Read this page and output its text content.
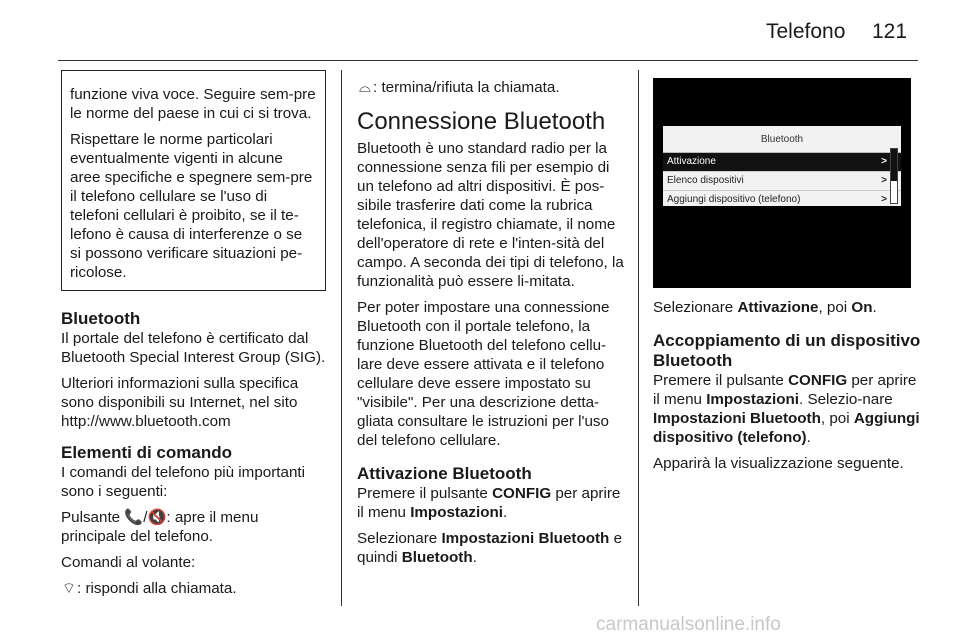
Telefono 121

funzione viva voce. Seguire sem-pre le norme del paese in cui ci si trova.

Rispettare le norme particolari eventualmente vigenti in alcune aree specifiche e spegnere sem-pre il telefono cellulare se l'uso di telefoni cellulari è proibito, se il te-lefono è causa di interferenze o se si possono verificare situazioni pe-ricolose.

Bluetooth

Il portale del telefono è certificato dal Bluetooth Special Interest Group (SIG).

Ulteriori informazioni sulla specifica sono disponibili su Internet, nel sito http://www.bluetooth.com

Elementi di comando

I comandi del telefono più importanti sono i seguenti:

Pulsante 📞/🔇: apre il menu principale del telefono.

Comandi al volante:

⌔: rispondi alla chiamata.

⌓ : termina/rifiuta la chiamata.

Connessione Bluetooth

Bluetooth è uno standard radio per la connessione senza fili per esempio di un telefono ad altri dispositivi. È pos-sibile trasferire dati come la rubrica telefonica, il registro chiamate, il nome dell'operatore di rete e l'inten-sità del campo. A seconda dei tipi di telefono, la funzionalità può essere li-mitata.

Per poter impostare una connessione Bluetooth con il portale telefono, la funzione Bluetooth del telefono cellu-lare deve essere attivata e il telefono cellulare deve essere impostato su "visibile". Per una descrizione detta-gliata consultare le istruzioni per l'uso del telefono cellulare.

Attivazione Bluetooth

Premere il pulsante CONFIG per aprire il menu Impostazioni.

Selezionare Impostazioni Bluetooth e quindi Bluetooth.

Bluetooth
Attivazione	>
Elenco dispositivi	>
Aggiungi dispositivo (telefono)	>

Selezionare Attivazione, poi On.

Accoppiamento di un dispositivo Bluetooth

Premere il pulsante CONFIG per aprire il menu Impostazioni. Selezio-nare Impostazioni Bluetooth, poi Aggiungi dispositivo (telefono).

Apparirà la visualizzazione seguente.

carmanualsonline.info
